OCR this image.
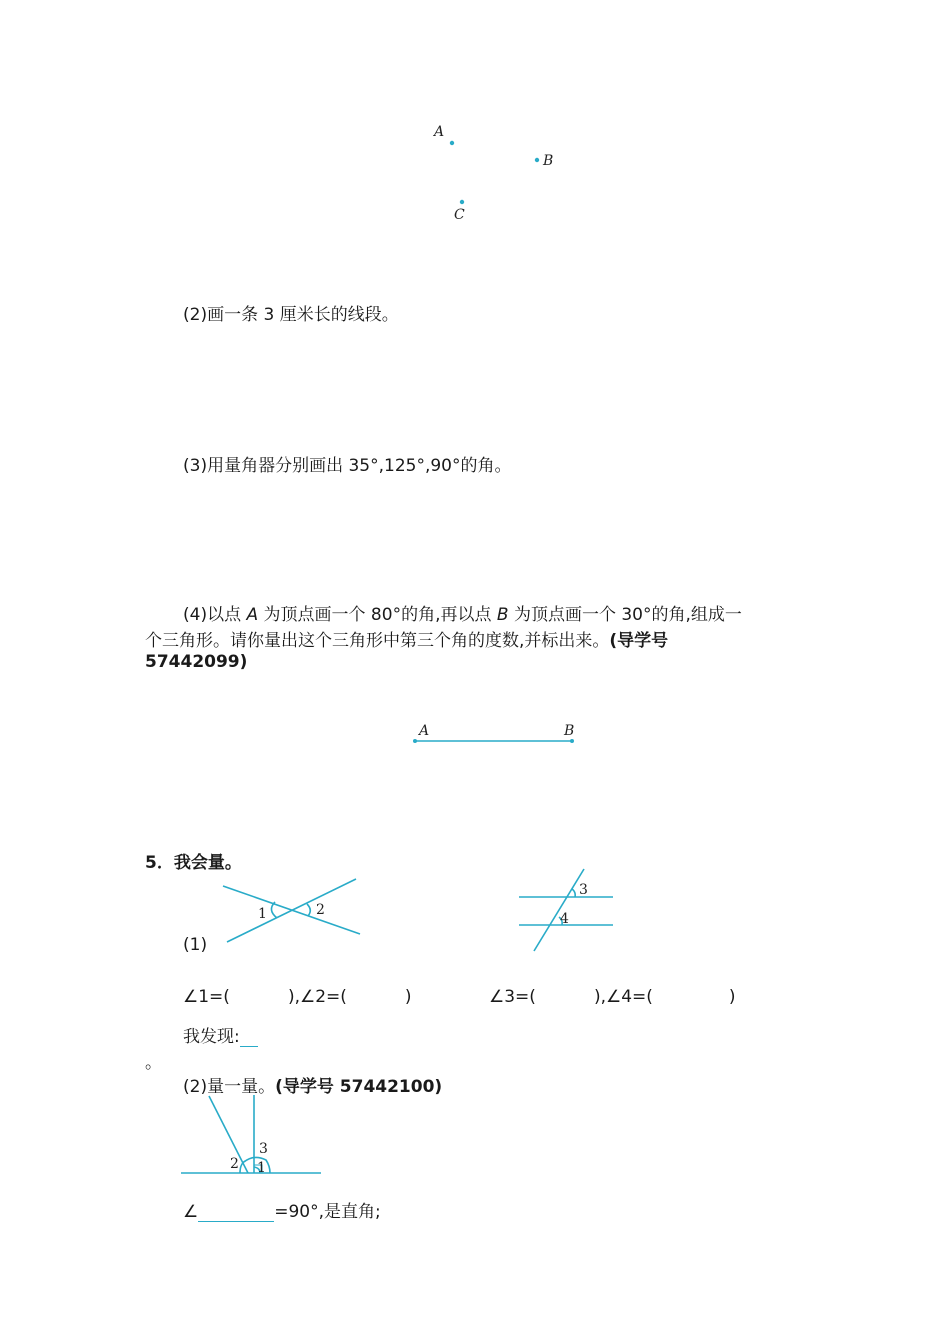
A
B
C
(2)画一条 3 厘米长的线段。
(3)用量角器分别画出 35°,125°,90°的角。
(4)以点 A 为顶点画一个 80°的角,再以点 B 为顶点画一个 30°的角,组成一
个三角形。请你量出这个三角形中第三个角的度数,并标出来。(导学号
57442099)
A	B
5．我会量。
1	2
(1)
3
4
∠1=(	),∠2=(	)	∠3=(	),∠4=(	)
我发现:
。
(2)量一量。(导学号 57442100)
1
2
3
∠	=90°,是直角;
